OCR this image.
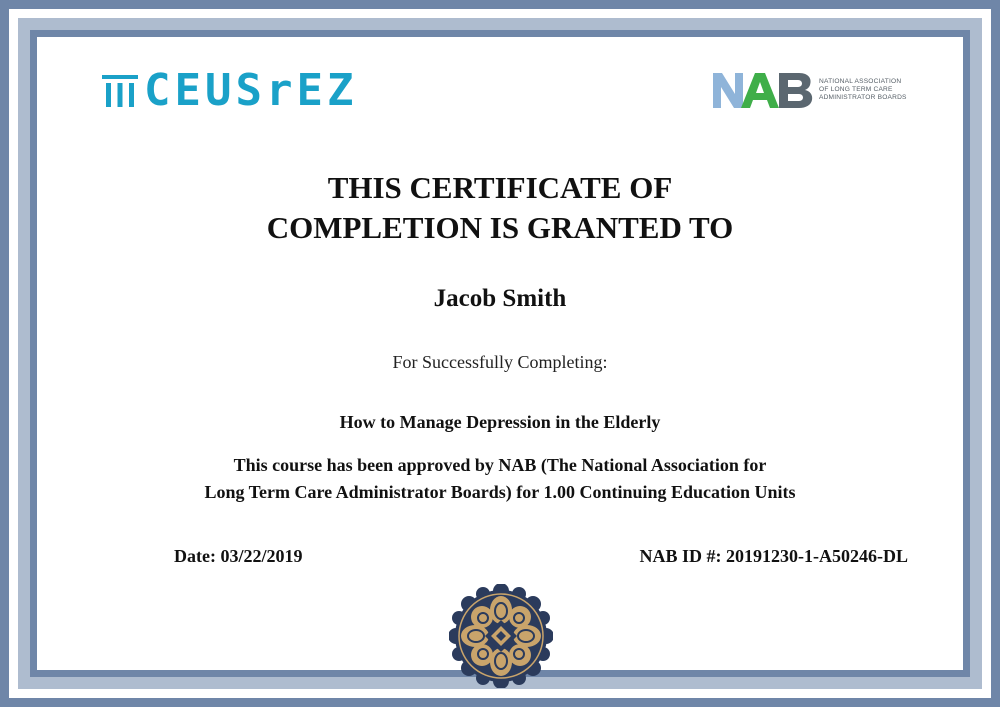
CEUSrEZ	NATIONAL ASSOCIATION
OF LONG TERM CARE
ADMINISTRATOR BOARDS
THIS CERTIFICATE OF
COMPLETION IS GRANTED TO
Jacob Smith
For Successfully Completing:
How to Manage Depression in the Elderly
This course has been approved by NAB (The National Association for
Long Term Care Administrator Boards) for 1.00 Continuing Education Units
Date: 03/22/2019	NAB ID #: 20191230-1-A50246-DL
